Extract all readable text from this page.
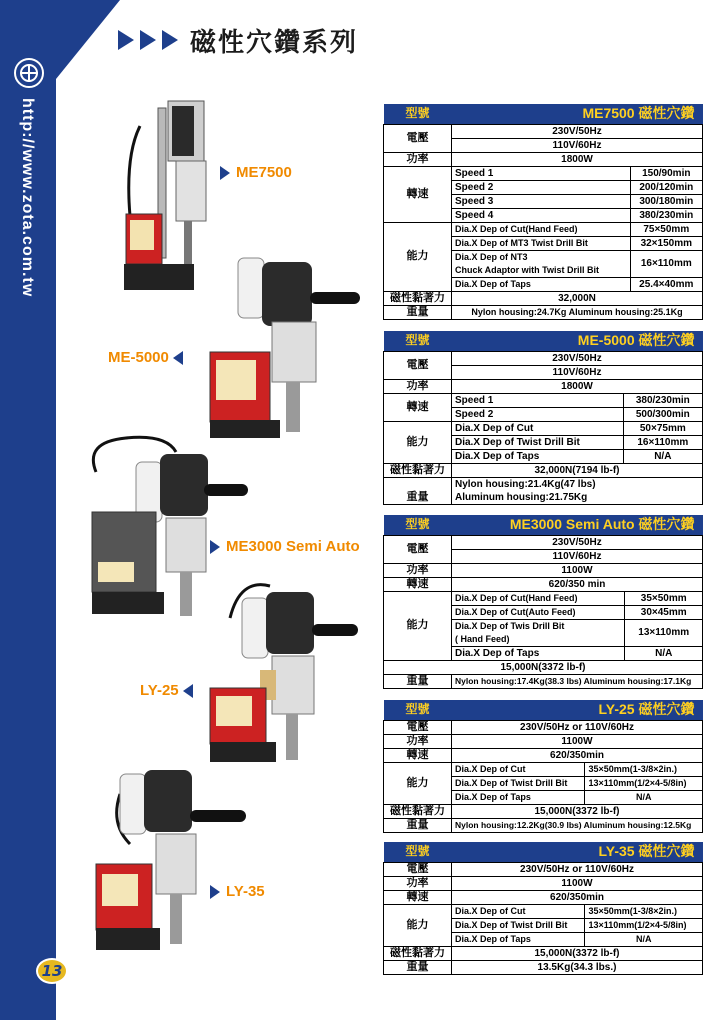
http://www.zota.com.tw
13
磁性穴鑽系列
ME7500
ME-5000
ME3000 Semi Auto
LY-25
LY-35
型號	ME7500 磁性穴鑽	
電壓	230V/50Hz	
	110V/60Hz	
功率	1800W	
轉速	Speed 1	150/90min
	Speed 2	200/120min
	Speed 3	300/180min
	Speed 4	380/230min
能力	Dia.X Dep of Cut(Hand Feed)	75×50mm
	Dia.X Dep of MT3 Twist Drill Bit	32×150mm

	Dia.X Dep of NT3
Chuck Adaptor with Twist Drill Bit	16×110mm
	Dia.X Dep of Taps	25.4×40mm
磁性黏著力	32,000N	
重量	Nylon housing:24.7Kg Aluminum housing:25.1Kg	
型號	ME-5000 磁性穴鑽	
電壓	230V/50Hz	
	110V/60Hz	
功率	1800W	
轉速	Speed 1	380/230min
	Speed 2	500/300min
能力	Dia.X Dep of Cut	50×75mm
	Dia.X Dep of Twist Drill Bit	16×110mm
	Dia.X Dep of Taps	N/A
磁性黏著力	32,000N(7194 lb-f)	
重量	Nylon housing:21.4Kg(47 lbs)
Aluminum housing:21.75Kg	
型號	ME3000 Semi Auto 磁性穴鑽	
電壓	230V/50Hz	
	110V/60Hz	
功率	1100W	
轉速	620/350 min	
能力	Dia.X Dep of Cut(Hand Feed)	35×50mm
	Dia.X Dep of Cut(Auto Feed)	30×45mm

	Dia.X Dep of Twis Drill Bit
( Hand Feed)	13×110mm
	Dia.X Dep of Taps	N/A
15,000N(3372 lb-f)		
重量	Nylon housing:17.4Kg(38.3 lbs) Aluminum housing:17.1Kg	
型號	LY-25 磁性穴鑽	
電壓	230V/50Hz or 110V/60Hz	
功率	1100W	
轉速	620/350min	
能力	Dia.X Dep of Cut	35×50mm(1-3/8×2in.)
	Dia.X Dep of Twist Drill Bit	13×110mm(1/2×4-5/8in)
	Dia.X Dep of Taps	N/A
磁性黏著力	15,000N(3372 lb-f)	
重量	Nylon housing:12.2Kg(30.9 lbs) Aluminum housing:12.5Kg	
型號	LY-35 磁性穴鑽	
電壓	230V/50Hz or 110V/60Hz	
功率	1100W	
轉速	620/350min	
能力	Dia.X Dep of Cut	35×50mm(1-3/8×2in.)
	Dia.X Dep of Twist Drill Bit	13×110mm(1/2×4-5/8in)
	Dia.X Dep of Taps	N/A
磁性黏著力	15,000N(3372 lb-f)	
重量	13.5Kg(34.3 lbs.)	
